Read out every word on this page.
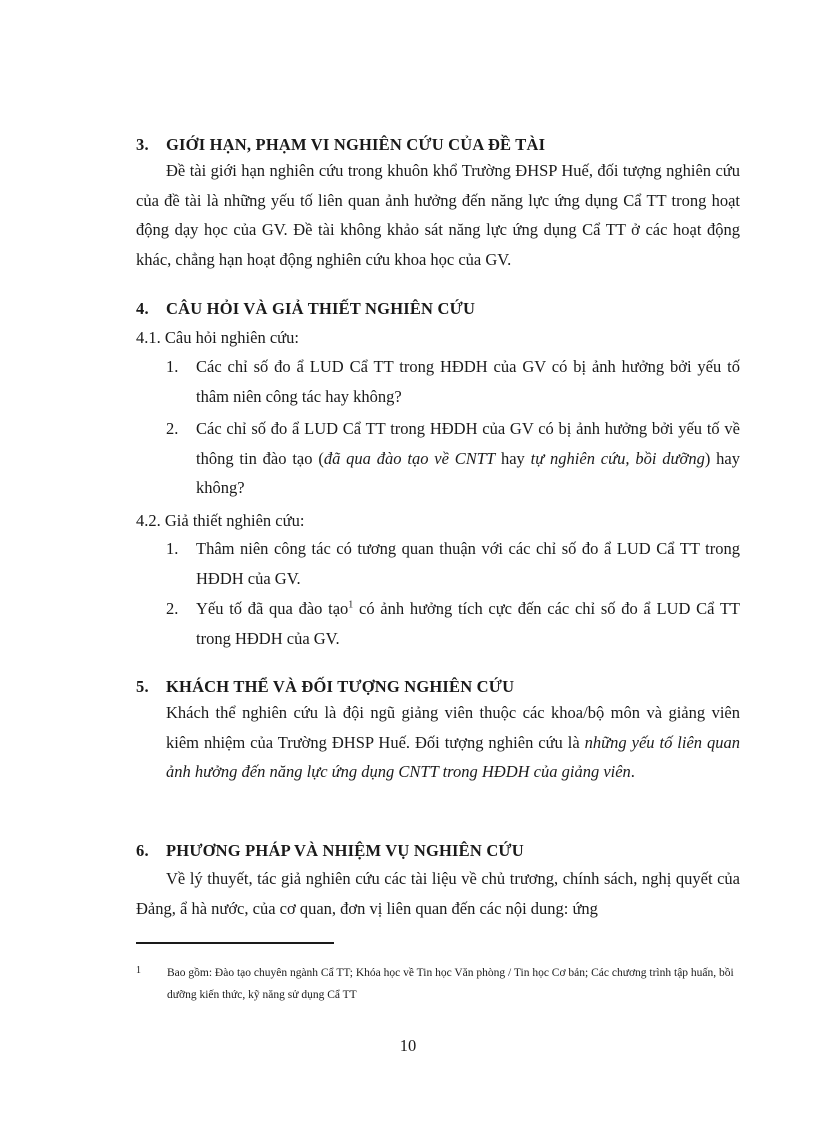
3. GIỚI HẠN, PHẠM VI NGHIÊN CỨU CỦA ĐỀ TÀI
Đề tài giới hạn nghiên cứu trong khuôn khổ Trường ĐHSP Huế, đối tượng nghiên cứu của đề tài là những yếu tố liên quan ảnh hưởng đến năng lực ứng dụng Cẩ TT trong hoạt động dạy học của GV. Đề tài không khảo sát năng lực ứng dụng Cẩ TT ở các hoạt động khác, chẳng hạn hoạt động nghiên cứu khoa học của GV.
4. CÂU HỎI VÀ GIẢ THIẾT NGHIÊN CỨU
4.1. Câu hỏi nghiên cứu:
1. Các chỉ số đo ẩ LUD Cẩ TT trong HĐDH của GV có bị ảnh hưởng bởi yếu tố thâm niên công tác hay không?
2. Các chỉ số đo ẩ LUD Cẩ TT trong HĐDH của GV có bị ảnh hưởng bởi yếu tố về thông tin đào tạo (đã qua đào tạo về CNTT hay tự nghiên cứu, bồi dưỡng) hay không?
4.2. Giả thiết nghiên cứu:
1. Thâm niên công tác có tương quan thuận với các chỉ số đo ẩ LUD Cẩ TT trong HĐDH của GV.
2. Yếu tố đã qua đào tạo$^1$ có ảnh hưởng tích cực đến các chỉ số đo ẩ LUD Cẩ TT trong HĐDH của GV.
5. KHÁCH THỂ VÀ ĐỐI TƯỢNG NGHIÊN CỨU
Khách thể nghiên cứu là đội ngũ giảng viên thuộc các khoa/bộ môn và giảng viên kiêm nhiệm của Trường ĐHSP Huế. Đối tượng nghiên cứu là những yếu tố liên quan ảnh hưởng đến năng lực ứng dụng CNTT trong HĐDH của giảng viên.
6. PHƯƠNG PHÁP VÀ NHIỆM VỤ NGHIÊN CỨU
Về lý thuyết, tác giả nghiên cứu các tài liệu về chủ trương, chính sách, nghị quyết của Đảng, ẩ hà nước, của cơ quan, đơn vị liên quan đến các nội dung: ứng
1 Bao gồm: Đào tạo chuyên ngành Cẩ TT; Khóa học về Tin học Văn phòng / Tin học Cơ bản; Các chương trình tập huấn, bồi dưỡng kiến thức, kỹ năng sử dụng Cẩ TT
10
